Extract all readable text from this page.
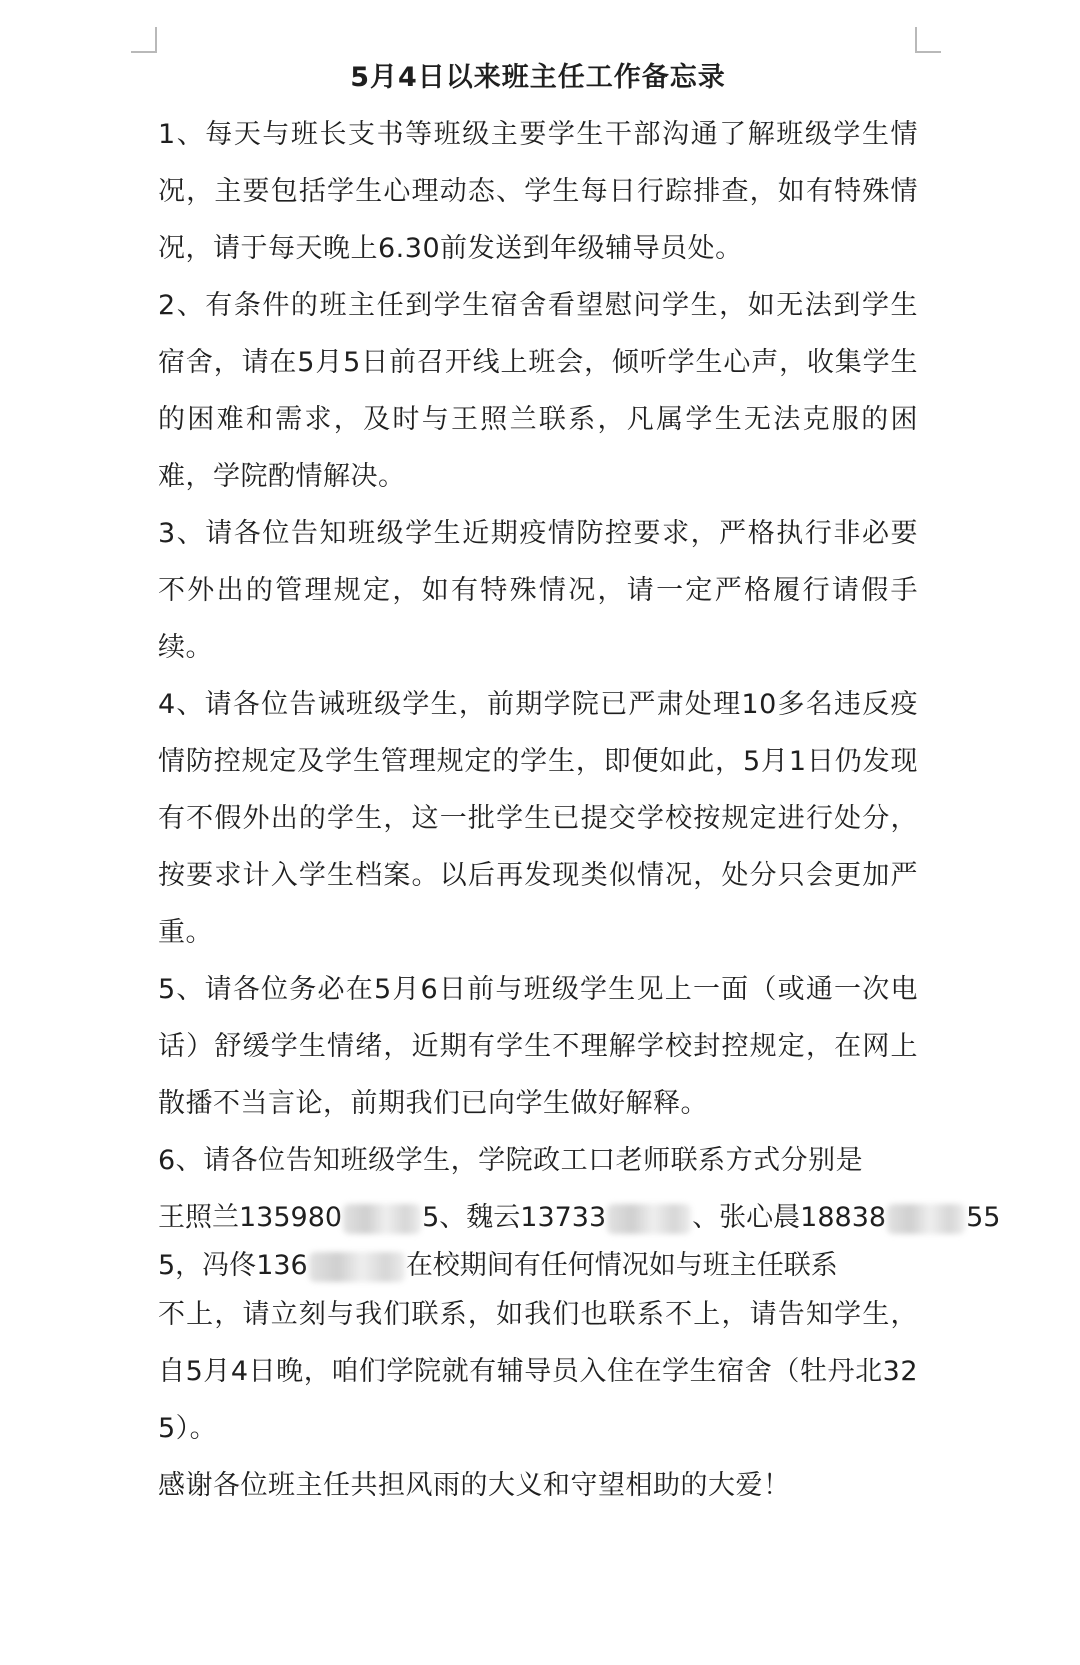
5月4日以来班主任工作备忘录

1、每天与班长支书等班级主要学生干部沟通了解班级学生情况，主要包括学生心理动态、学生每日行踪排查，如有特殊情况，请于每天晚上6.30前发送到年级辅导员处。

2、有条件的班主任到学生宿舍看望慰问学生，如无法到学生宿舍，请在5月5日前召开线上班会，倾听学生心声，收集学生的困难和需求，及时与王照兰联系，凡属学生无法克服的困难，学院酌情解决。

3、请各位告知班级学生近期疫情防控要求，严格执行非必要不外出的管理规定，如有特殊情况，请一定严格履行请假手续。

4、请各位告诫班级学生，前期学院已严肃处理10多名违反疫情防控规定及学生管理规定的学生，即便如此，5月1日仍发现有不假外出的学生，这一批学生已提交学校按规定进行处分，按要求计入学生档案。以后再发现类似情况，处分只会更加严重。

5、请各位务必在5月6日前与班级学生见上一面（或通一次电话）舒缓学生情绪，近期有学生不理解学校封控规定，在网上散播不当言论，前期我们已向学生做好解释。

6、请各位告知班级学生，学院政工口老师联系方式分别是

王照兰135980	5、魏云13733	、张心晨18838	55

5，冯佟136	在校期间有任何情况如与班主任联系

不上，请立刻与我们联系，如我们也联系不上，请告知学生，自5月4日晚，咱们学院就有辅导员入住在学生宿舍（牡丹北325）。

感谢各位班主任共担风雨的大义和守望相助的大爱！
